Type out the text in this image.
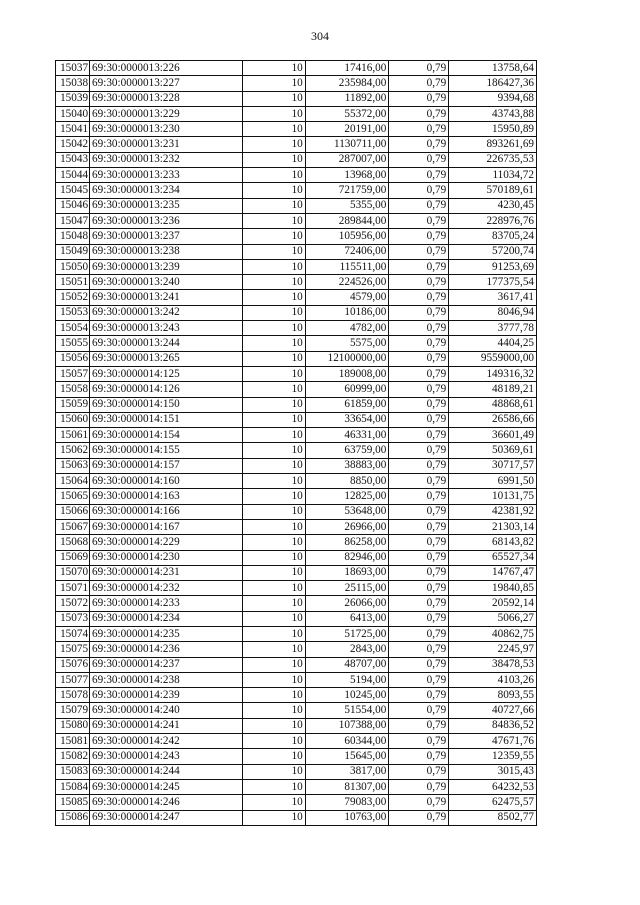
304
15037	69:30:0000013:226	10	17416,00	0,79	13758,64
15038	69:30:0000013:227	10	235984,00	0,79	186427,36
15039	69:30:0000013:228	10	11892,00	0,79	9394,68
15040	69:30:0000013:229	10	55372,00	0,79	43743,88
15041	69:30:0000013:230	10	20191,00	0,79	15950,89
15042	69:30:0000013:231	10	1130711,00	0,79	893261,69
15043	69:30:0000013:232	10	287007,00	0,79	226735,53
15044	69:30:0000013:233	10	13968,00	0,79	11034,72
15045	69:30:0000013:234	10	721759,00	0,79	570189,61
15046	69:30:0000013:235	10	5355,00	0,79	4230,45
15047	69:30:0000013:236	10	289844,00	0,79	228976,76
15048	69:30:0000013:237	10	105956,00	0,79	83705,24
15049	69:30:0000013:238	10	72406,00	0,79	57200,74
15050	69:30:0000013:239	10	115511,00	0,79	91253,69
15051	69:30:0000013:240	10	224526,00	0,79	177375,54
15052	69:30:0000013:241	10	4579,00	0,79	3617,41
15053	69:30:0000013:242	10	10186,00	0,79	8046,94
15054	69:30:0000013:243	10	4782,00	0,79	3777,78
15055	69:30:0000013:244	10	5575,00	0,79	4404,25
15056	69:30:0000013:265	10	12100000,00	0,79	9559000,00
15057	69:30:0000014:125	10	189008,00	0,79	149316,32
15058	69:30:0000014:126	10	60999,00	0,79	48189,21
15059	69:30:0000014:150	10	61859,00	0,79	48868,61
15060	69:30:0000014:151	10	33654,00	0,79	26586,66
15061	69:30:0000014:154	10	46331,00	0,79	36601,49
15062	69:30:0000014:155	10	63759,00	0,79	50369,61
15063	69:30:0000014:157	10	38883,00	0,79	30717,57
15064	69:30:0000014:160	10	8850,00	0,79	6991,50
15065	69:30:0000014:163	10	12825,00	0,79	10131,75
15066	69:30:0000014:166	10	53648,00	0,79	42381,92
15067	69:30:0000014:167	10	26966,00	0,79	21303,14
15068	69:30:0000014:229	10	86258,00	0,79	68143,82
15069	69:30:0000014:230	10	82946,00	0,79	65527,34
15070	69:30:0000014:231	10	18693,00	0,79	14767,47
15071	69:30:0000014:232	10	25115,00	0,79	19840,85
15072	69:30:0000014:233	10	26066,00	0,79	20592,14
15073	69:30:0000014:234	10	6413,00	0,79	5066,27
15074	69:30:0000014:235	10	51725,00	0,79	40862,75
15075	69:30:0000014:236	10	2843,00	0,79	2245,97
15076	69:30:0000014:237	10	48707,00	0,79	38478,53
15077	69:30:0000014:238	10	5194,00	0,79	4103,26
15078	69:30:0000014:239	10	10245,00	0,79	8093,55
15079	69:30:0000014:240	10	51554,00	0,79	40727,66
15080	69:30:0000014:241	10	107388,00	0,79	84836,52
15081	69:30:0000014:242	10	60344,00	0,79	47671,76
15082	69:30:0000014:243	10	15645,00	0,79	12359,55
15083	69:30:0000014:244	10	3817,00	0,79	3015,43
15084	69:30:0000014:245	10	81307,00	0,79	64232,53
15085	69:30:0000014:246	10	79083,00	0,79	62475,57
15086	69:30:0000014:247	10	10763,00	0,79	8502,77
